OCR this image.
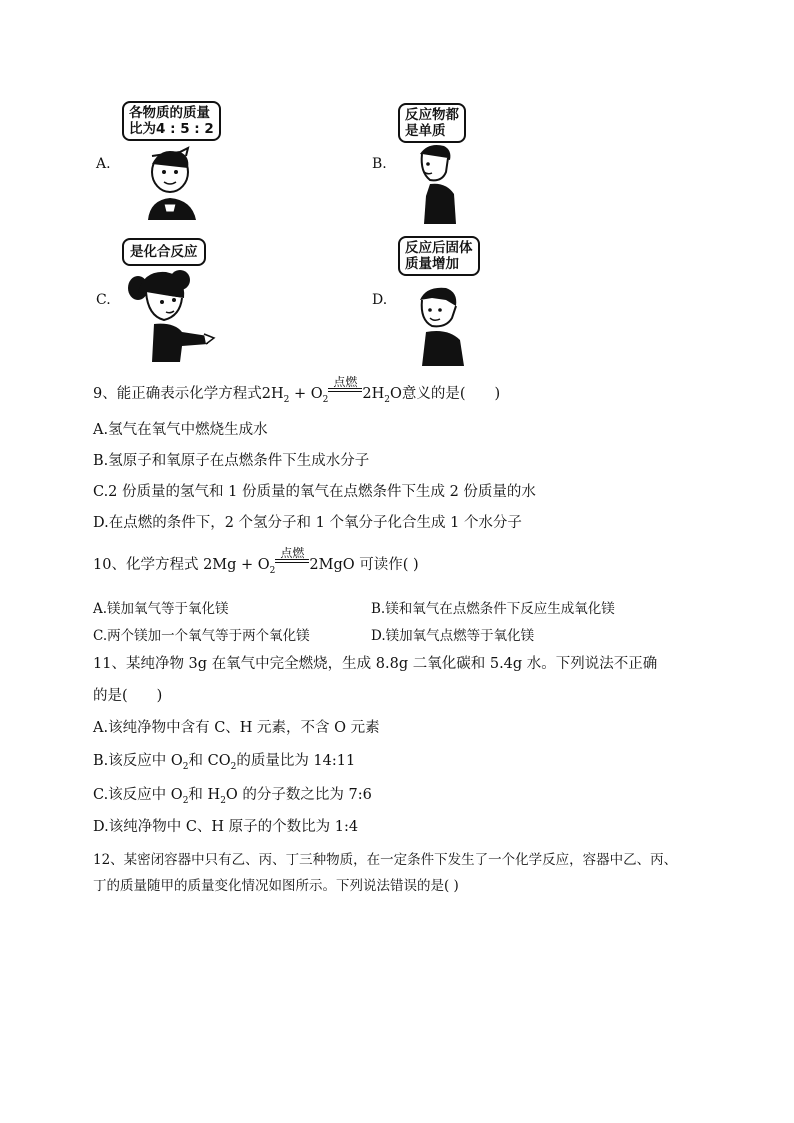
A.
各物质的质量
比为4 : 5 : 2
B.
反应物都
是单质
C.
是化合反应
D.
反应后固体
质量增加
9、能正确表示化学方程式$2H_2 + O_2$
点燃
$2H_2O$意义的是(　　)
A.氢气在氧气中燃烧生成水
B.氢原子和氧原子在点燃条件下生成水分子
C.2 份质量的氢气和 1 份质量的氧气在点燃条件下生成 2 份质量的水
D.在点燃的条件下，2 个氢分子和 1 个氧分子化合生成 1 个水分子
10、化学方程式 $2Mg + O_2$
点燃
2MgO 可读作( )
A.镁加氧气等于氧化镁	B.镁和氧气在点燃条件下反应生成氧化镁
C.两个镁加一个氧气等于两个氧化镁	D.镁加氧气点燃等于氧化镁
11、某纯净物 3g 在氧气中完全燃烧，生成 8.8g 二氧化碳和 5.4g 水。下列说法不正确
的是(　　)
A.该纯净物中含有 C、H 元素，不含 O 元素
B.该反应中 $O_2$和 $CO_2$的质量比为 14:11
C.该反应中 $O_2$和 $H_2O$ 的分子数之比为 7:6
D.该纯净物中 C、H 原子的个数比为 1:4
12、某密闭容器中只有乙、丙、丁三种物质，在一定条件下发生了一个化学反应，容器中乙、丙、
丁的质量随甲的质量变化情况如图所示。下列说法错误的是( )
